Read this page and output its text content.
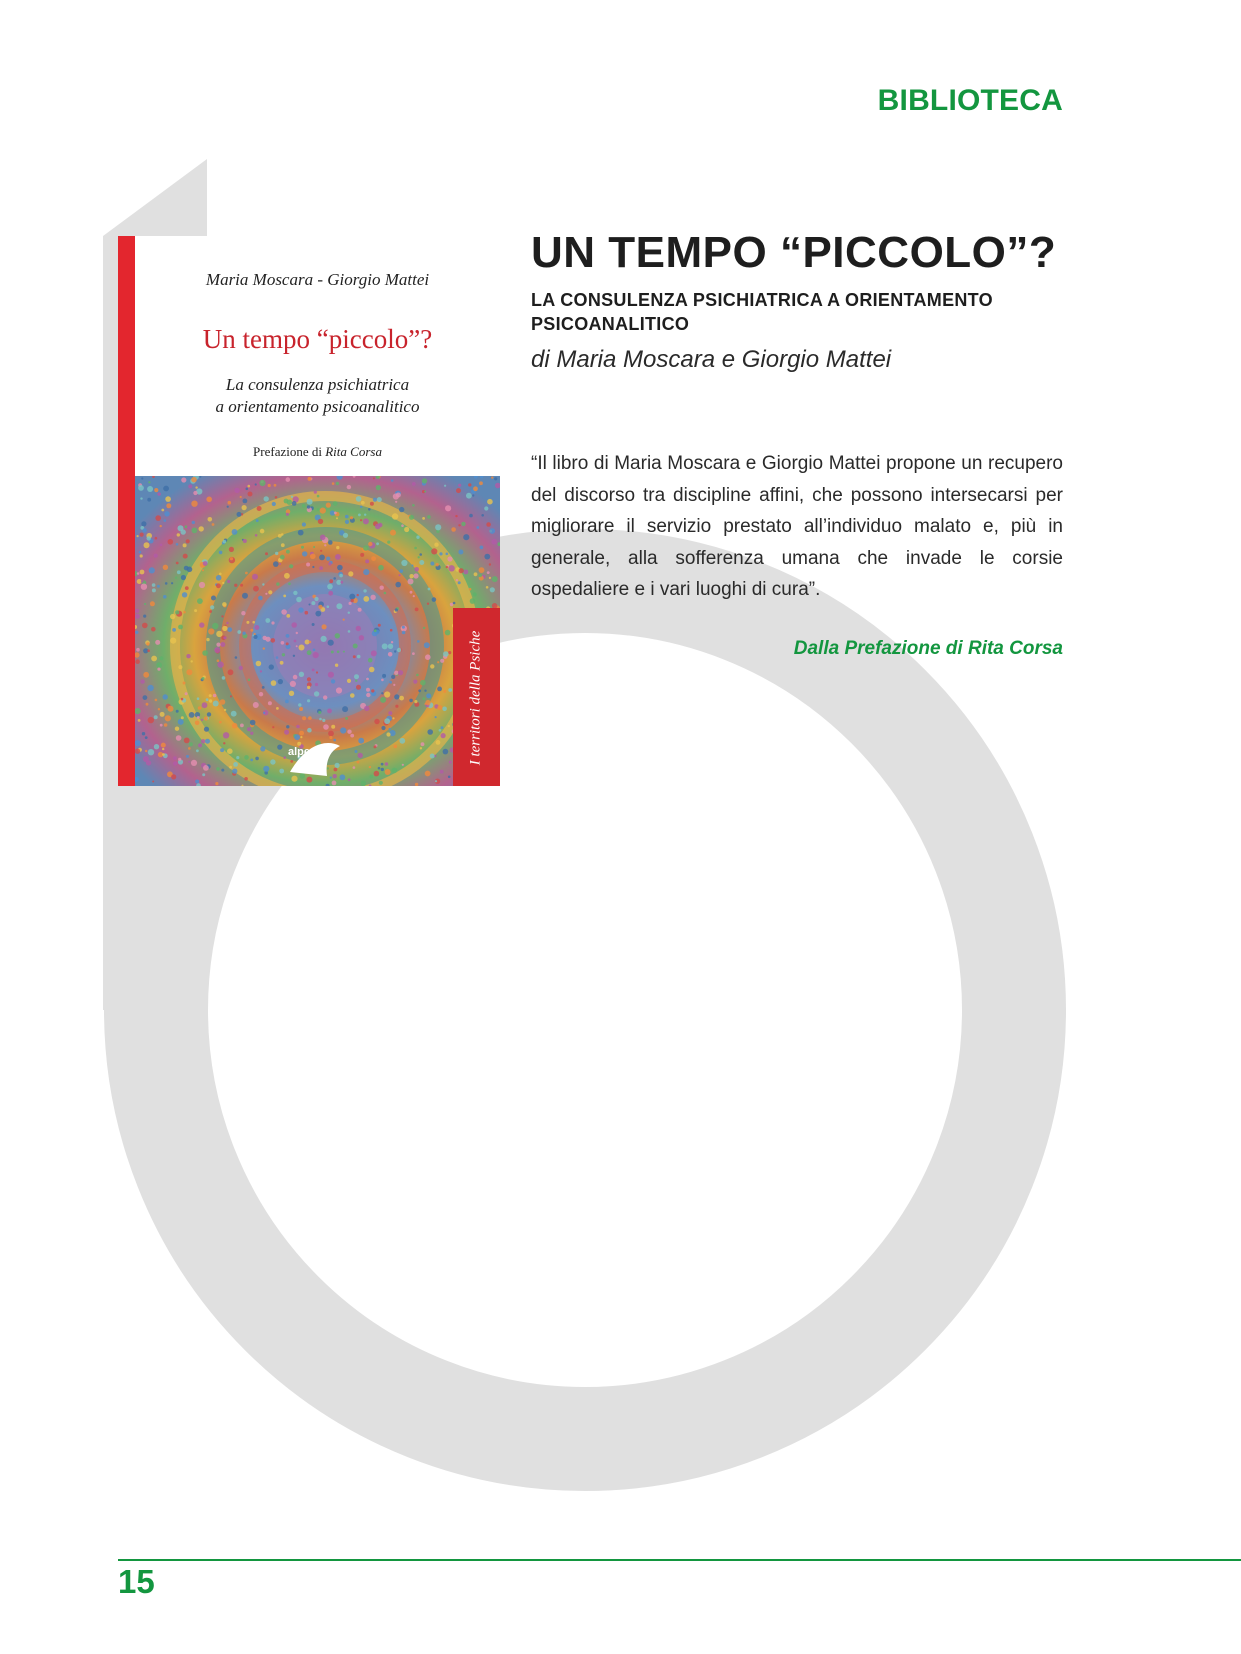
BIBLIOTECA
Maria Moscara - Giorgio Mattei
Un tempo “piccolo”?
La consulenza psichiatrica
a orientamento psicoanalitico
Prefazione di Rita Corsa
I territori della Psiche
alpes
UN TEMPO “PICCOLO”?
LA CONSULENZA PSICHIATRICA A ORIENTAMENTO PSICOANALITICO

di Maria Moscara e Giorgio Mattei

“Il libro di Maria Moscara e Giorgio Mattei propone un recupero del discorso tra discipline affini, che possono intersecarsi per migliorare il servizio prestato all’individuo malato e, più in generale, alla sofferenza umana che invade le corsie ospedaliere e i vari luoghi di cura”.

Dalla Prefazione di Rita Corsa

15
